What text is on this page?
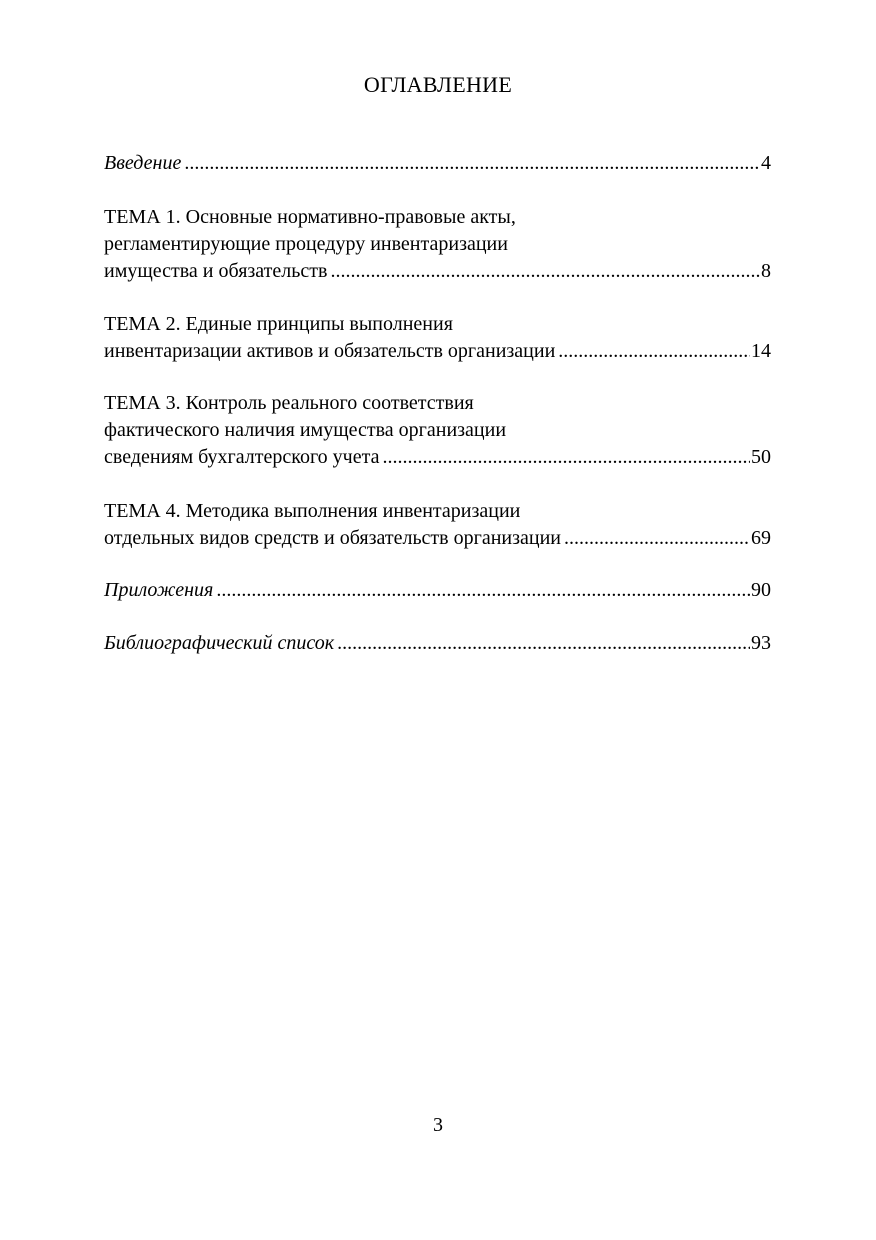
ОГЛАВЛЕНИЕ
Введение .....	4
ТЕМА 1. Основные нормативно-правовые акты,
регламентирующие процедуру инвентаризации
имущества и обязательств .....	8
ТЕМА 2. Единые принципы выполнения
инвентаризации активов и обязательств организации .....	14
ТЕМА 3. Контроль реального соответствия
фактического наличия имущества организации
сведениям бухгалтерского учета .....	50
ТЕМА 4. Методика выполнения инвентаризации
отдельных видов средств и обязательств организации .....	69
Приложения .....	90
Библиографический список .....	93
3
